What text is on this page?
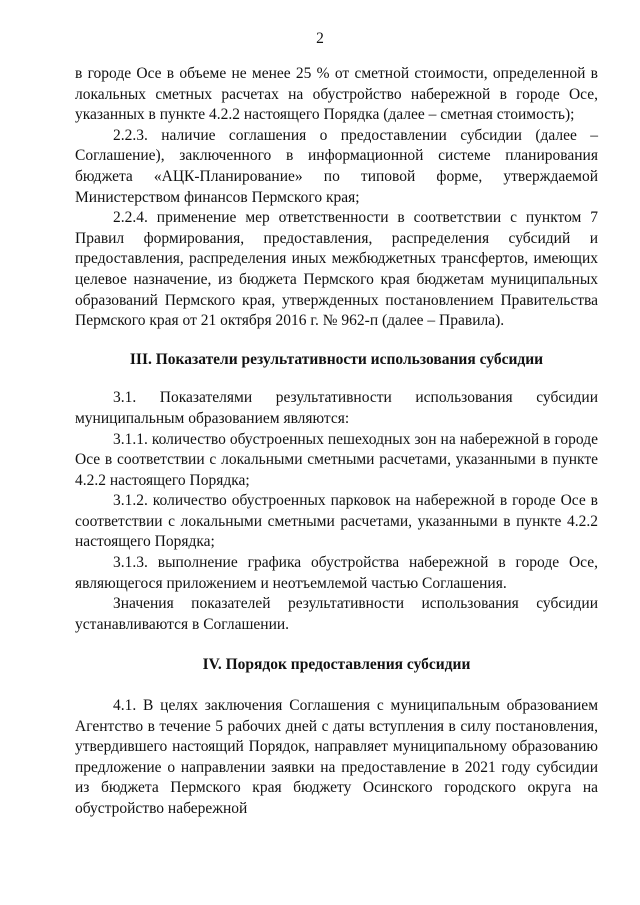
2

в городе Осе в объеме не менее 25 % от сметной стоимости, определенной в локальных сметных расчетах на обустройство набережной в городе Осе, указанных в пункте 4.2.2 настоящего Порядка (далее – сметная стоимость);

2.2.3. наличие соглашения о предоставлении субсидии (далее – Соглашение), заключенного в информационной системе планирования бюджета «АЦК-Планирование» по типовой форме, утверждаемой Министерством финансов Пермского края;

2.2.4. применение мер ответственности в соответствии с пунктом 7 Правил формирования, предоставления, распределения субсидий и предоставления, распределения иных межбюджетных трансфертов, имеющих целевое назначение, из бюджета Пермского края бюджетам муниципальных образований Пермского края, утвержденных постановлением Правительства Пермского края от 21 октября 2016 г. № 962-п (далее – Правила).

III. Показатели результативности использования субсидии

3.1. Показателями результативности использования субсидии муниципальным образованием являются:

3.1.1. количество обустроенных пешеходных зон на набережной в городе Осе в соответствии с локальными сметными расчетами, указанными в пункте 4.2.2 настоящего Порядка;

3.1.2. количество обустроенных парковок на набережной в городе Осе в соответствии с локальными сметными расчетами, указанными в пункте 4.2.2 настоящего Порядка;

3.1.3. выполнение графика обустройства набережной в городе Осе, являющегося приложением и неотъемлемой частью Соглашения.

Значения показателей результативности использования субсидии устанавливаются в Соглашении.

IV. Порядок предоставления субсидии

4.1. В целях заключения Соглашения с муниципальным образованием Агентство в течение 5 рабочих дней с даты вступления в силу постановления, утвердившего настоящий Порядок, направляет муниципальному образованию предложение о направлении заявки на предоставление в 2021 году субсидии из бюджета Пермского края бюджету Осинского городского округа на обустройство набережной
